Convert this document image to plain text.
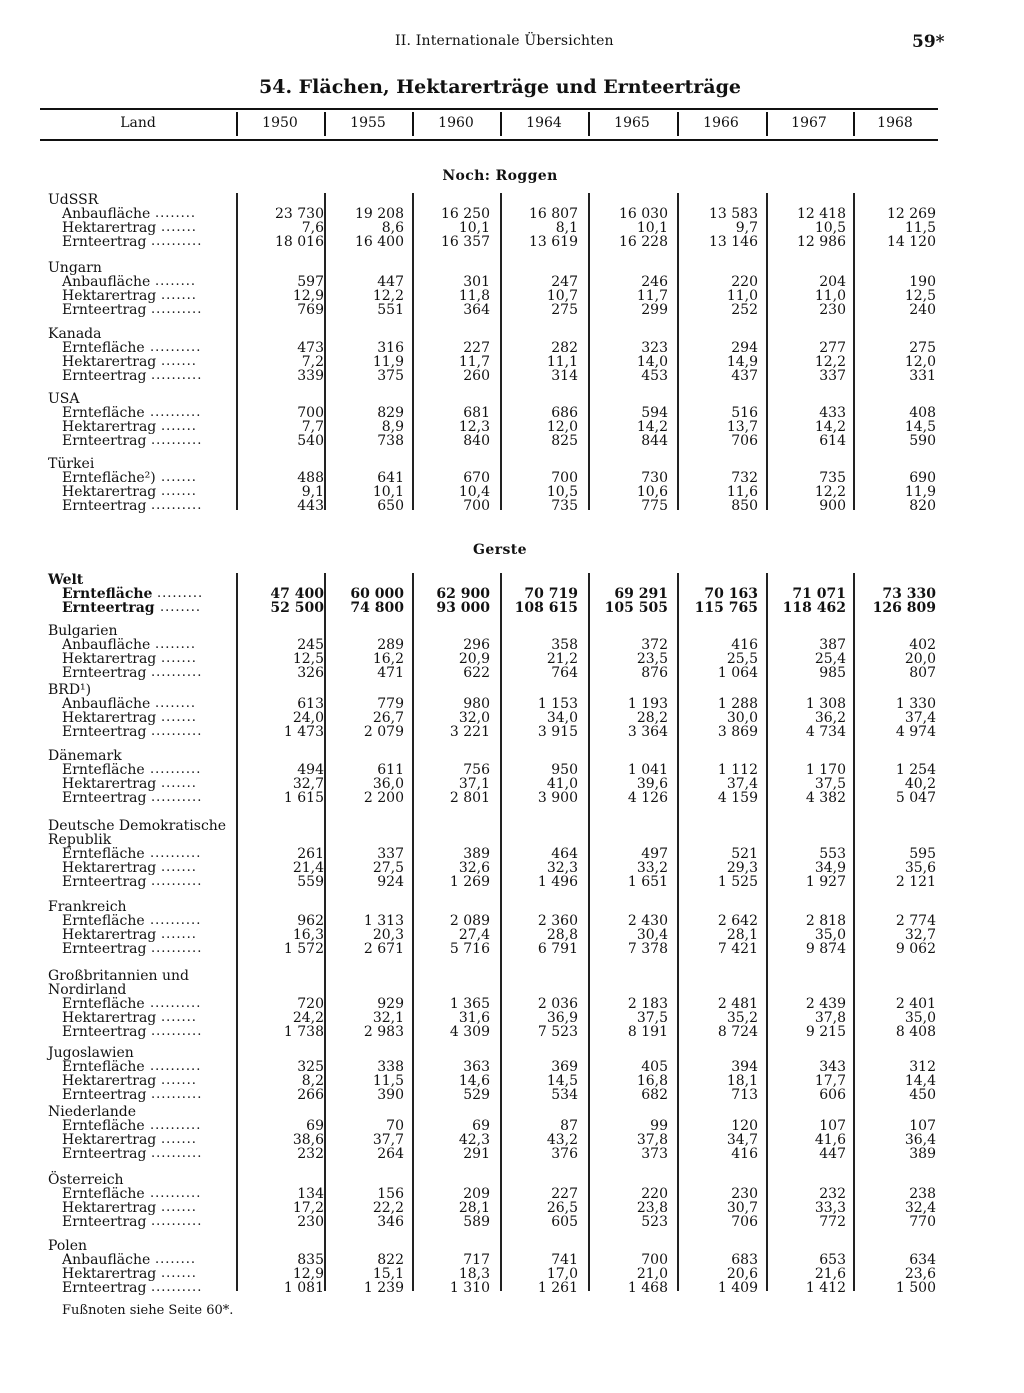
II. Internationale Übersichten	59*
54. Flächen, Hektarerträge und Ernteerträge
Land	1950	1955	1960	1964	1965	1966	1967	1968
Noch: Roggen
UdSSR
Anbaufläche ........	23 730	19 208	16 250	16 807	16 030	13 583	12 418	12 269
Hektarertrag .......	7,6	8,6	10,1	8,1	10,1	9,7	10,5	11,5
Ernteertrag ..........	18 016	16 400	16 357	13 619	16 228	13 146	12 986	14 120
Ungarn
Anbaufläche ........	597	447	301	247	246	220	204	190
Hektarertrag .......	12,9	12,2	11,8	10,7	11,7	11,0	11,0	12,5
Ernteertrag ..........	769	551	364	275	299	252	230	240
Kanada
Erntefläche ..........	473	316	227	282	323	294	277	275
Hektarertrag .......	7,2	11,9	11,7	11,1	14,0	14,9	12,2	12,0
Ernteertrag ..........	339	375	260	314	453	437	337	331
USA
Erntefläche ..........	700	829	681	686	594	516	433	408
Hektarertrag .......	7,7	8,9	12,3	12,0	14,2	13,7	14,2	14,5
Ernteertrag ..........	540	738	840	825	844	706	614	590
Türkei
Erntefläche²) .......	488	641	670	700	730	732	735	690
Hektarertrag .......	9,1	10,1	10,4	10,5	10,6	11,6	12,2	11,9
Ernteertrag ..........	443	650	700	735	775	850	900	820
Gerste
Welt
Erntefläche .........	47 400	60 000	62 900	70 719	69 291	70 163	71 071	73 330
Ernteertrag ........	52 500	74 800	93 000	108 615	105 505	115 765	118 462	126 809
Bulgarien
Anbaufläche ........	245	289	296	358	372	416	387	402
Hektarertrag .......	12,5	16,2	20,9	21,2	23,5	25,5	25,4	20,0
Ernteertrag ..........	326	471	622	764	876	1 064	985	807
BRD¹)
Anbaufläche ........	613	779	980	1 153	1 193	1 288	1 308	1 330
Hektarertrag .......	24,0	26,7	32,0	34,0	28,2	30,0	36,2	37,4
Ernteertrag ..........	1 473	2 079	3 221	3 915	3 364	3 869	4 734	4 974
Dänemark
Erntefläche ..........	494	611	756	950	1 041	1 112	1 170	1 254
Hektarertrag .......	32,7	36,0	37,1	41,0	39,6	37,4	37,5	40,2
Ernteertrag ..........	1 615	2 200	2 801	3 900	4 126	4 159	4 382	5 047
Deutsche Demokratische
Republik
Erntefläche ..........	261	337	389	464	497	521	553	595
Hektarertrag .......	21,4	27,5	32,6	32,3	33,2	29,3	34,9	35,6
Ernteertrag ..........	559	924	1 269	1 496	1 651	1 525	1 927	2 121
Frankreich
Erntefläche ..........	962	1 313	2 089	2 360	2 430	2 642	2 818	2 774
Hektarertrag .......	16,3	20,3	27,4	28,8	30,4	28,1	35,0	32,7
Ernteertrag ..........	1 572	2 671	5 716	6 791	7 378	7 421	9 874	9 062
Großbritannien und
Nordirland
Erntefläche ..........	720	929	1 365	2 036	2 183	2 481	2 439	2 401
Hektarertrag .......	24,2	32,1	31,6	36,9	37,5	35,2	37,8	35,0
Ernteertrag ..........	1 738	2 983	4 309	7 523	8 191	8 724	9 215	8 408
Jugoslawien
Erntefläche ..........	325	338	363	369	405	394	343	312
Hektarertrag .......	8,2	11,5	14,6	14,5	16,8	18,1	17,7	14,4
Ernteertrag ..........	266	390	529	534	682	713	606	450
Niederlande
Erntefläche ..........	69	70	69	87	99	120	107	107
Hektarertrag .......	38,6	37,7	42,3	43,2	37,8	34,7	41,6	36,4
Ernteertrag ..........	232	264	291	376	373	416	447	389
Österreich
Erntefläche ..........	134	156	209	227	220	230	232	238
Hektarertrag .......	17,2	22,2	28,1	26,5	23,8	30,7	33,3	32,4
Ernteertrag ..........	230	346	589	605	523	706	772	770
Polen
Anbaufläche ........	835	822	717	741	700	683	653	634
Hektarertrag .......	12,9	15,1	18,3	17,0	21,0	20,6	21,6	23,6
Ernteertrag ..........	1 081	1 239	1 310	1 261	1 468	1 409	1 412	1 500
Fußnoten siehe Seite 60*.
